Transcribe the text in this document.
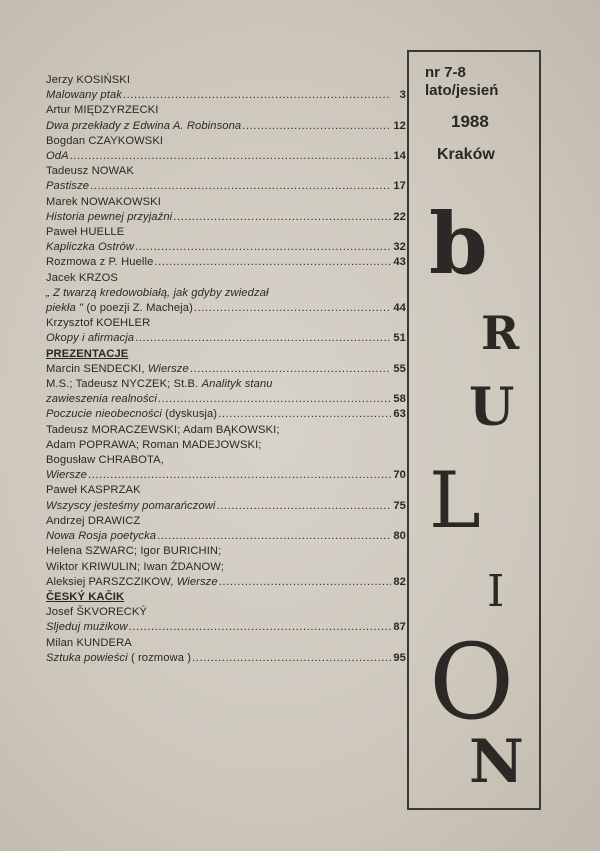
Jerzy KOSIŃSKI
Malowany ptak .....	3
Artur MIĘDZYRZECKI
Dwa przekłady z Edwina A. Robinsona .....	12
Bogdan CZAYKOWSKI
OdA .....	14
Tadeusz NOWAK
Pastisze .....	17
Marek NOWAKOWSKI
Historia pewnej przyjaźni .....	22
Paweł HUELLE
Kapliczka Ostrów .....	32
Rozmowa z P. Huelle .....	43
Jacek KRZOS
„ Z twarzą kredowobiałą, jak gdyby zwiedzał
piekła "
(o poezji Z. Macheja) .....	44
Krzysztof KOEHLER
Okopy i afirmacja .....	51
PREZENTACJE
Marcin SENDECKI,
Wiersze .....	55
M.S.; Tadeusz NYCZEK; St.B.
Analityk stanu
zawieszenia realności .....	58
Poczucie nieobecności
(dyskusja) .....	63
Tadeusz MORACZEWSKI; Adam BĄKOWSKI;
Adam POPRAWA; Roman MADEJOWSKI;
Bogusław CHRABOTA,
Wiersze .....	70
Paweł KASPRZAK
Wszyscy jesteśmy pomarańczowi .....	75
Andrzej DRAWICZ
Nowa Rosja poetycka .....	80
Helena SZWARC; Igor BURICHIN;
Wiktor KRIWULIN; Iwan ŻDANOW;
Aleksiej PARSZCZIKOW,
Wiersze .....	82
ČESKÝ KAČIK
Josef ŠKVORECKÝ
Sljeduj mużikow .....	87
Milan KUNDERA
Sztuka powieści
( rozmowa ) .....	95
nr 7-8
lato/jesień
1988
Kraków
b
R
U
L
I
O
N
